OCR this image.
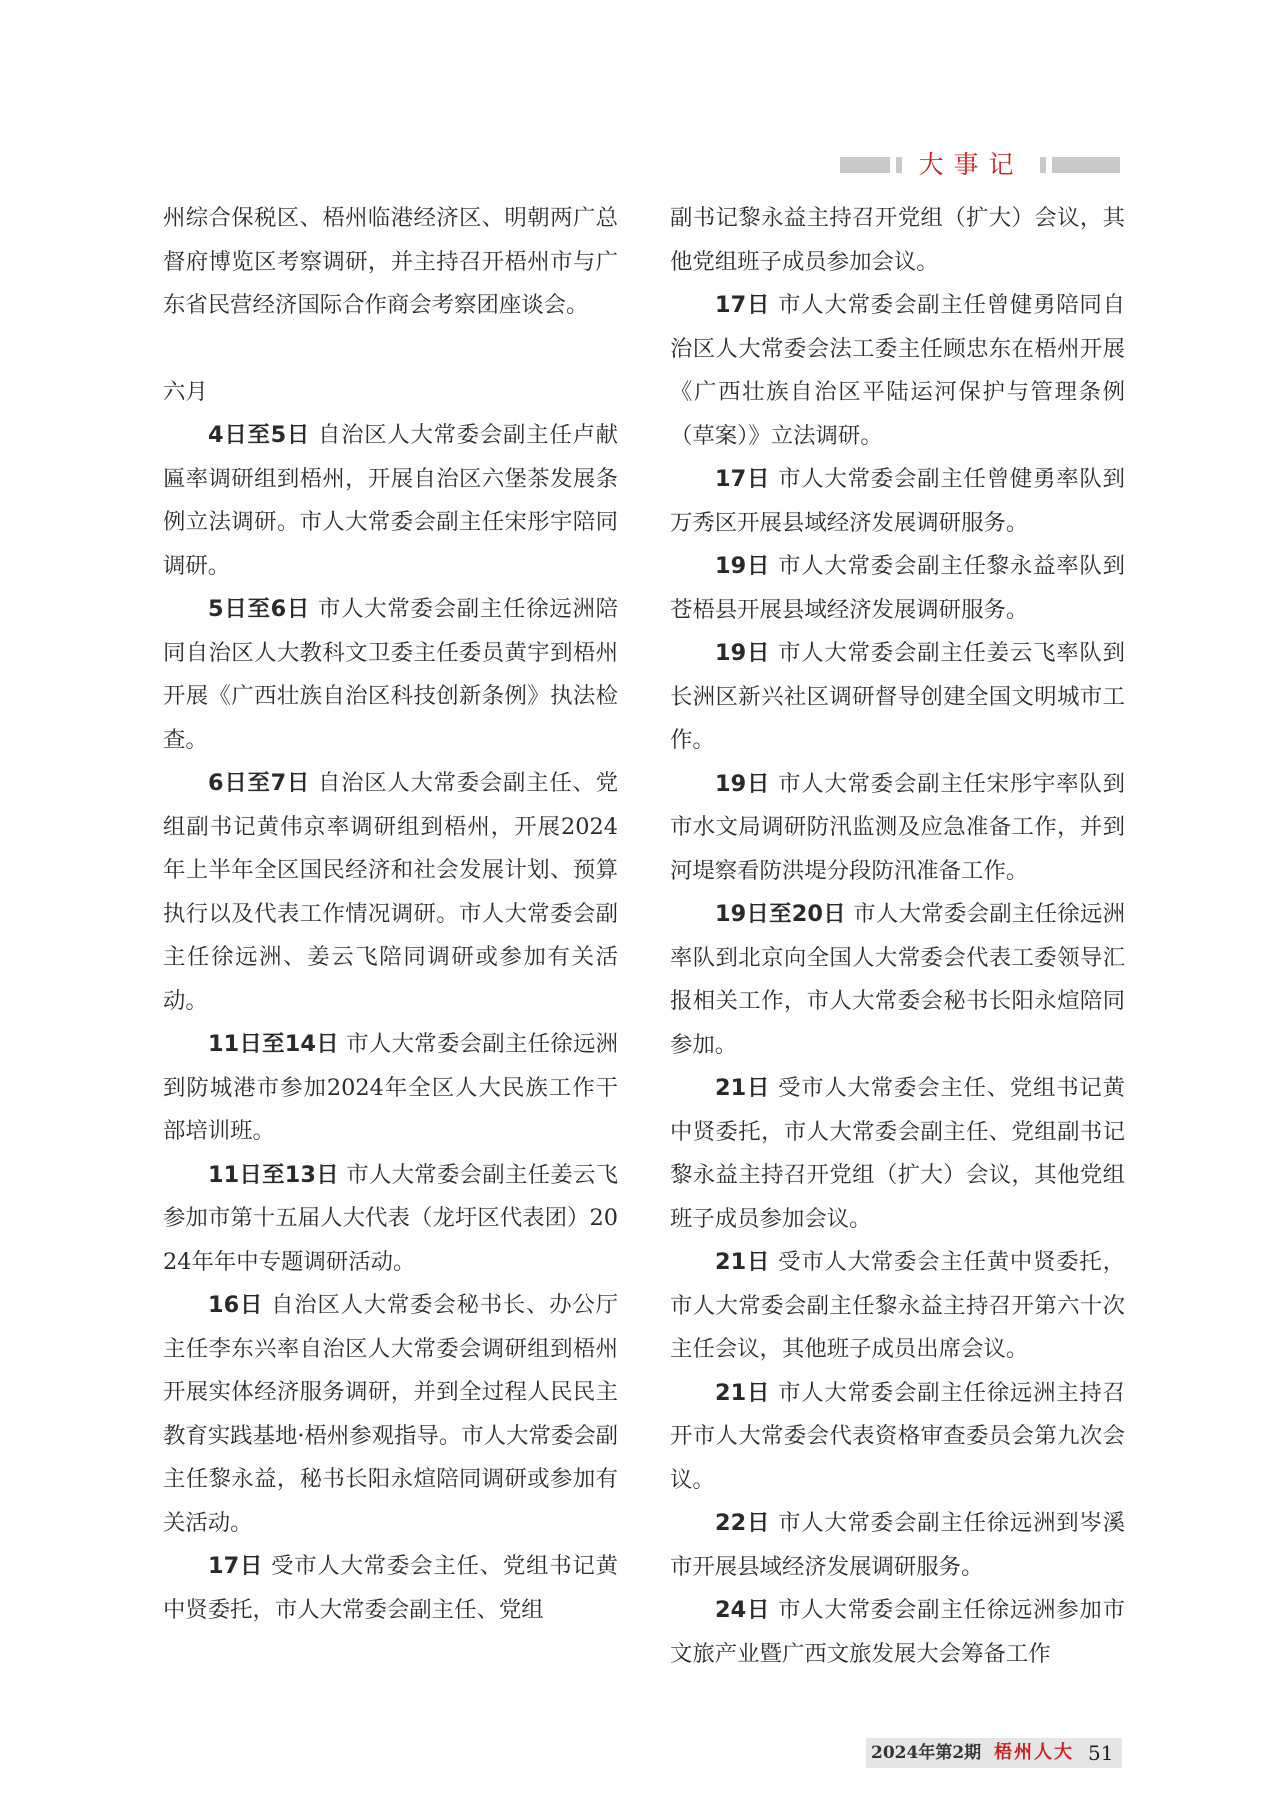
大事记

州综合保税区、梧州临港经济区、明朝两广总督府博览区考察调研，并主持召开梧州市与广东省民营经济国际合作商会考察团座谈会。

六月

4日至5日 自治区人大常委会副主任卢献匾率调研组到梧州，开展自治区六堡茶发展条例立法调研。市人大常委会副主任宋彤宇陪同调研。

5日至6日 市人大常委会副主任徐远洲陪同自治区人大教科文卫委主任委员黄宇到梧州开展《广西壮族自治区科技创新条例》执法检查。

6日至7日 自治区人大常委会副主任、党组副书记黄伟京率调研组到梧州，开展2024年上半年全区国民经济和社会发展计划、预算执行以及代表工作情况调研。市人大常委会副主任徐远洲、姜云飞陪同调研或参加有关活动。

11日至14日 市人大常委会副主任徐远洲到防城港市参加2024年全区人大民族工作干部培训班。

11日至13日 市人大常委会副主任姜云飞参加市第十五届人大代表（龙圩区代表团）2024年年中专题调研活动。

16日 自治区人大常委会秘书长、办公厅主任李东兴率自治区人大常委会调研组到梧州开展实体经济服务调研，并到全过程人民民主教育实践基地·梧州参观指导。市人大常委会副主任黎永益，秘书长阳永煊陪同调研或参加有关活动。

17日 受市人大常委会主任、党组书记黄中贤委托，市人大常委会副主任、党组

副书记黎永益主持召开党组（扩大）会议，其他党组班子成员参加会议。

17日 市人大常委会副主任曾健勇陪同自治区人大常委会法工委主任顾忠东在梧州开展《广西壮族自治区平陆运河保护与管理条例（草案）》立法调研。

17日 市人大常委会副主任曾健勇率队到万秀区开展县域经济发展调研服务。

19日 市人大常委会副主任黎永益率队到苍梧县开展县域经济发展调研服务。

19日 市人大常委会副主任姜云飞率队到长洲区新兴社区调研督导创建全国文明城市工作。

19日 市人大常委会副主任宋彤宇率队到市水文局调研防汛监测及应急准备工作，并到河堤察看防洪堤分段防汛准备工作。

19日至20日 市人大常委会副主任徐远洲率队到北京向全国人大常委会代表工委领导汇报相关工作，市人大常委会秘书长阳永煊陪同参加。

21日 受市人大常委会主任、党组书记黄中贤委托，市人大常委会副主任、党组副书记黎永益主持召开党组（扩大）会议，其他党组班子成员参加会议。

21日 受市人大常委会主任黄中贤委托，市人大常委会副主任黎永益主持召开第六十次主任会议，其他班子成员出席会议。

21日 市人大常委会副主任徐远洲主持召开市人大常委会代表资格审查委员会第九次会议。

22日 市人大常委会副主任徐远洲到岑溪市开展县域经济发展调研服务。

24日 市人大常委会副主任徐远洲参加市文旅产业暨广西文旅发展大会筹备工作

2024年第2期 梧州人大 51
